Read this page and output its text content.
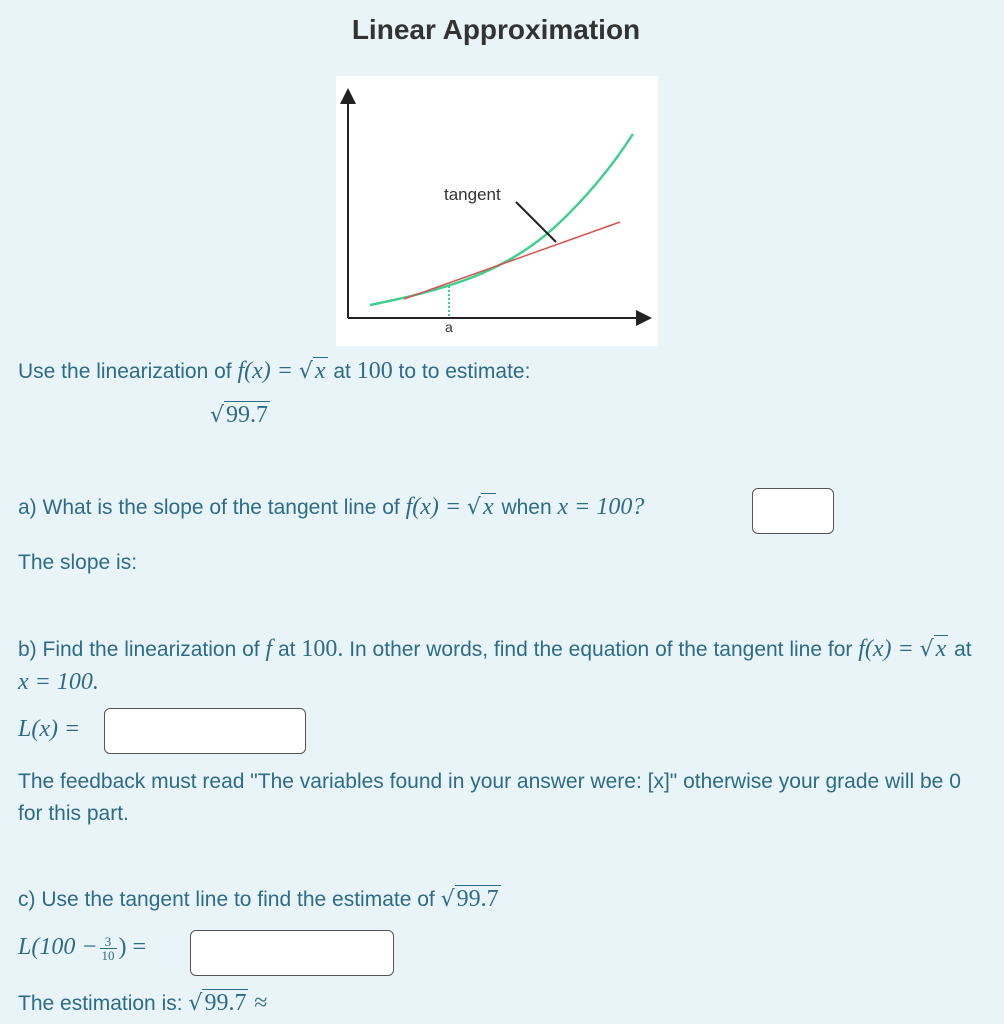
Linear Approximation
tangent
a
Use the linearization of f(x) = √x at 100 to to estimate:
√99.7
a) What is the slope of the tangent line of f(x) = √x when x = 100?
The slope is:
b) Find the linearization of f at 100. In other words, find the equation of the tangent line for f(x) = √x at x = 100.
L(x) =
The feedback must read "The variables found in your answer were: [x]" otherwise your grade will be 0 for this part.
c) Use the tangent line to find the estimate of √99.7
$L(100 - \frac{3}{10}$ ) =
The estimation is: √99.7 ≈
